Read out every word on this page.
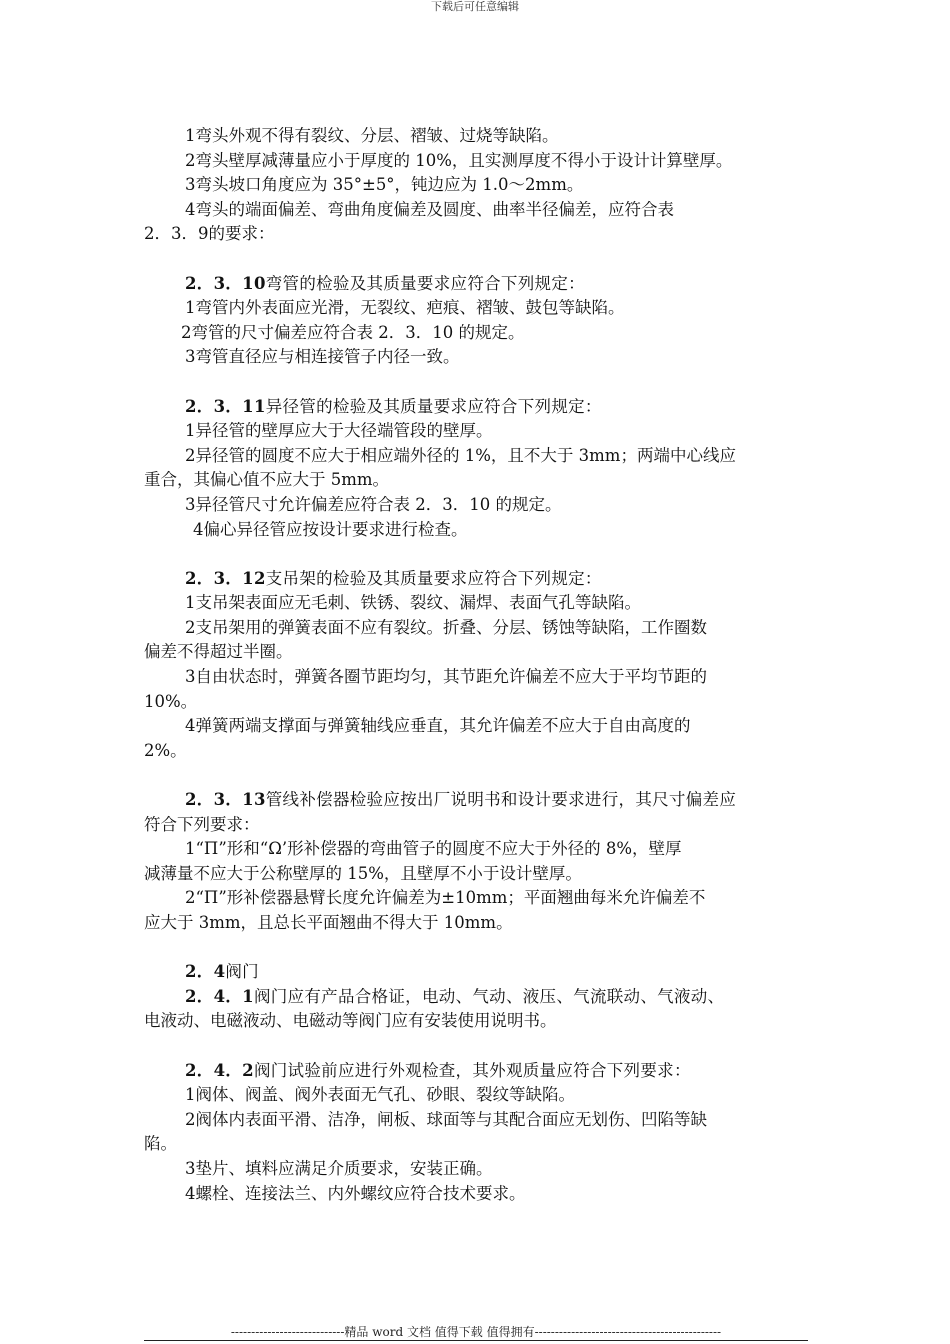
下载后可任意编辑
1弯头外观不得有裂纹、分层、褶皱、过烧等缺陷。
2弯头壁厚减薄量应小于厚度的 10%，且实测厚度不得小于设计计算壁厚。
3弯头坡口角度应为 35°±5°，钝边应为 1.0～2mm。
4弯头的端面偏差、弯曲角度偏差及圆度、曲率半径偏差，应符合表
2．3．9的要求：
2．3．10弯管的检验及其质量要求应符合下列规定：
1弯管内外表面应光滑，无裂纹、疤痕、褶皱、鼓包等缺陷。
2弯管的尺寸偏差应符合表 2．3．10 的规定。
3弯管直径应与相连接管子内径一致。
2．3．11异径管的检验及其质量要求应符合下列规定：
1异径管的壁厚应大于大径端管段的壁厚。
2异径管的圆度不应大于相应端外径的 1%，且不大于 3mm；两端中心线应
重合，其偏心值不应大于 5mm。
3异径管尺寸允许偏差应符合表 2．3．10 的规定。
4偏心异径管应按设计要求进行检查。
2．3．12支吊架的检验及其质量要求应符合下列规定：
1支吊架表面应无毛刺、铁锈、裂纹、漏焊、表面气孔等缺陷。
2支吊架用的弹簧表面不应有裂纹。折叠、分层、锈蚀等缺陷，工作圈数
偏差不得超过半圈。
3自由状态时，弹簧各圈节距均匀，其节距允许偏差不应大于平均节距的
10%。
4弹簧两端支撑面与弹簧轴线应垂直，其允许偏差不应大于自由高度的
2%。
2．3．13管线补偿器检验应按出厂说明书和设计要求进行，其尺寸偏差应
符合下列要求：
1“Π”形和“Ω’形补偿器的弯曲管子的圆度不应大于外径的 8%，壁厚
减薄量不应大于公称壁厚的 15%，且壁厚不小于设计壁厚。
2“Π”形补偿器悬臂长度允许偏差为±10mm；平面翘曲每米允许偏差不
应大于 3mm，且总长平面翘曲不得大于 10mm。
2．4阀门
2．4．1阀门应有产品合格证，电动、气动、液压、气流联动、气液动、
电液动、电磁液动、电磁动等阀门应有安装使用说明书。
2．4．2阀门试验前应进行外观检查，其外观质量应符合下列要求：
1阀体、阀盖、阀外表面无气孔、砂眼、裂纹等缺陷。
2阀体内表面平滑、洁净，闸板、球面等与其配合面应无划伤、凹陷等缺
陷。
3垫片、填料应满足介质要求，安装正确。
4螺栓、连接法兰、内外螺纹应符合技术要求。
----------------------------精品 word 文档 值得下载 值得拥有----------------------------------------------
